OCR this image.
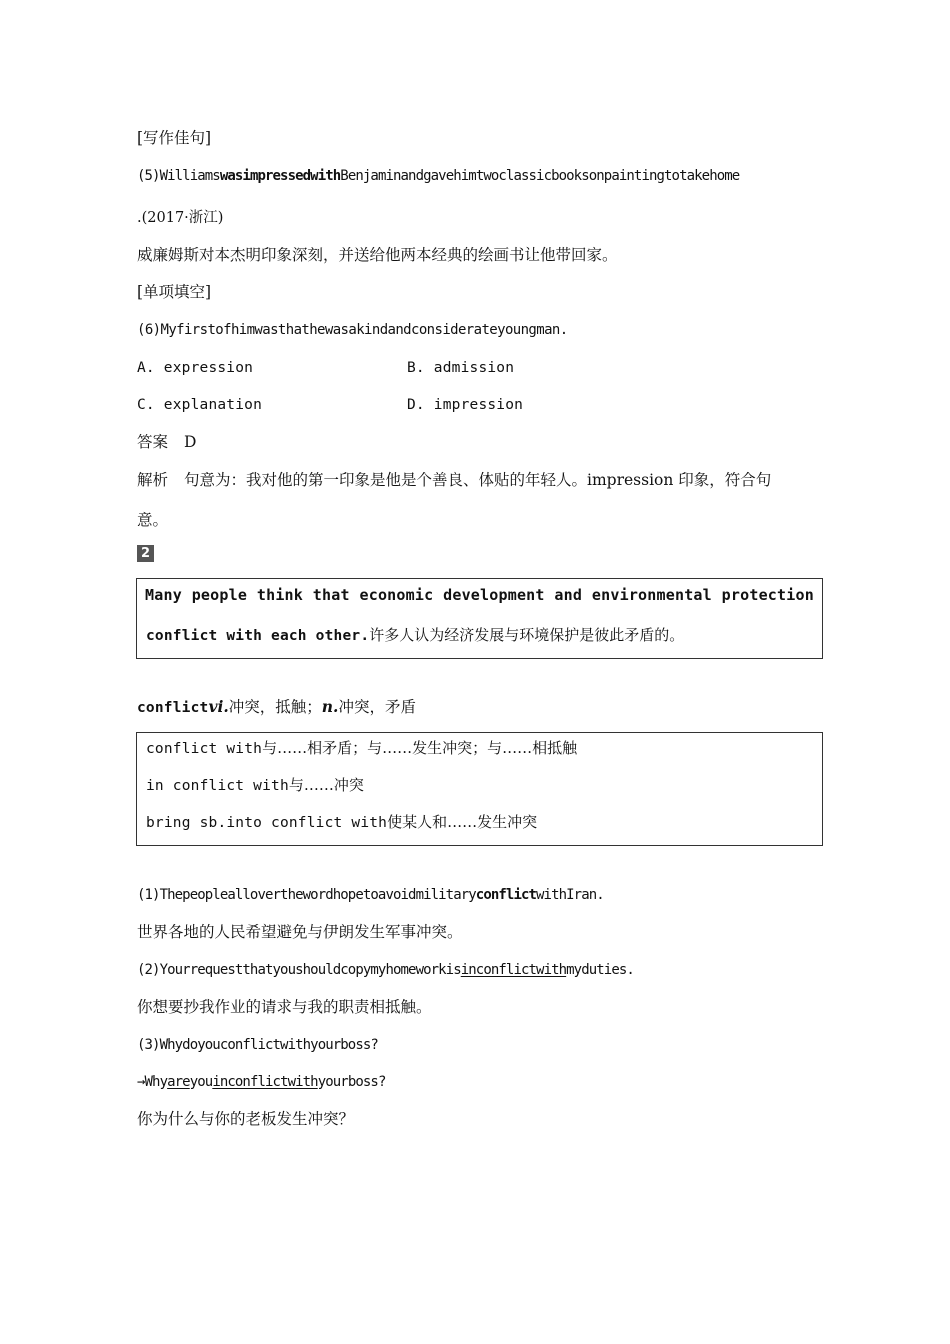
[写作佳句]
(5)WilliamswasimpressedwithBenjaminandgavehimtwoclassicbooksonpaintingtotakehome
.(2017·浙江)
威廉姆斯对本杰明印象深刻，并送给他两本经典的绘画书让他带回家。
[单项填空]
(6)Myfirstofhimwasthathewasakindandconsiderateyoungman.
A. expression	B. admission
C. explanation	D. impression
答案 D
解析 句意为：我对他的第一印象是他是个善良、体贴的年轻人。impression 印象，符合句
意。
2
Many people think that economic development and environmental protection
conflict with each other.许多人认为经济发展与环境保护是彼此矛盾的。
conflictvi.冲突，抵触；n.冲突，矛盾
conflict with与……相矛盾；与……发生冲突；与……相抵触
in conflict with与……冲突
bring sb.into conflict with使某人和……发生冲突
(1)ThepeoplealloverthewordhopetoavoidmilitaryconflictwithIran.
世界各地的人民希望避免与伊朗发生军事冲突。
(2)Yourrequestthatyoushouldcopymyhomeworkisinconflictwithmyduties.
你想要抄我作业的请求与我的职责相抵触。
(3)Whydoyouconflictwithyourboss?
→Whyareyouinconflictwithyourboss?
你为什么与你的老板发生冲突？
